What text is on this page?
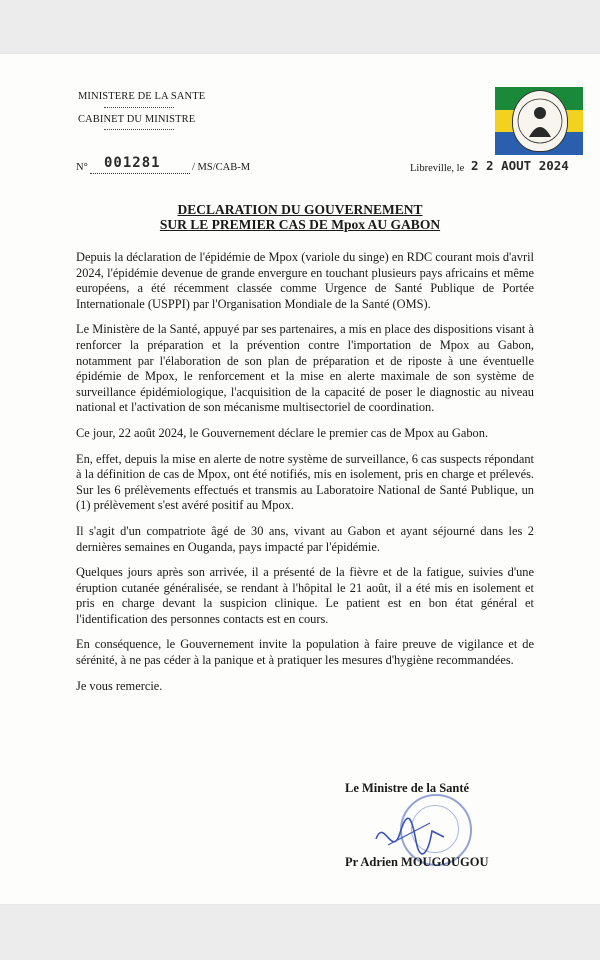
MINISTERE DE LA SANTE
CABINET DU MINISTRE
N° 001281	/ MS/CAB-M	Libreville, le 2 2 AOUT 2024
DECLARATION DU GOUVERNEMENT
SUR LE PREMIER CAS DE Mpox AU GABON

Depuis la déclaration de l'épidémie de Mpox (variole du singe) en RDC courant mois d'avril 2024, l'épidémie devenue de grande envergure en touchant plusieurs pays africains et même européens, a été récemment classée comme Urgence de Santé Publique de Portée Internationale (USPPI) par l'Organisation Mondiale de la Santé (OMS).

Le Ministère de la Santé, appuyé par ses partenaires, a mis en place des dispositions visant à renforcer la préparation et la prévention contre l'importation de Mpox au Gabon, notamment par l'élaboration de son plan de préparation et de riposte à une éventuelle épidémie de Mpox, le renforcement et la mise en alerte maximale de son système de surveillance épidémiologique, l'acquisition de la capacité de poser le diagnostic au niveau national et l'activation de son mécanisme multisectoriel de coordination.

Ce jour, 22 août 2024, le Gouvernement déclare le premier cas de Mpox au Gabon.

En, effet, depuis la mise en alerte de notre système de surveillance, 6 cas suspects répondant à la définition de cas de Mpox, ont été notifiés, mis en isolement, pris en charge et prélevés. Sur les 6 prélèvements effectués et transmis au Laboratoire National de Santé Publique, un (1) prélèvement s'est avéré positif au Mpox.

Il s'agit d'un compatriote âgé de 30 ans, vivant au Gabon et ayant séjourné dans les 2 dernières semaines en Ouganda, pays impacté par l'épidémie.

Quelques jours après son arrivée, il a présenté de la fièvre et de la fatigue, suivies d'une éruption cutanée généralisée, se rendant à l'hôpital le 21 août, il a été mis en isolement et pris en charge devant la suspicion clinique. Le patient est en bon état général et l'identification des personnes contacts est en cours.

En conséquence, le Gouvernement invite la population à faire preuve de vigilance et de sérénité, à ne pas céder à la panique et à pratiquer les mesures d'hygiène recommandées.

Je vous remercie.

Le Ministre de la Santé
Pr Adrien MOUGOUGOU
